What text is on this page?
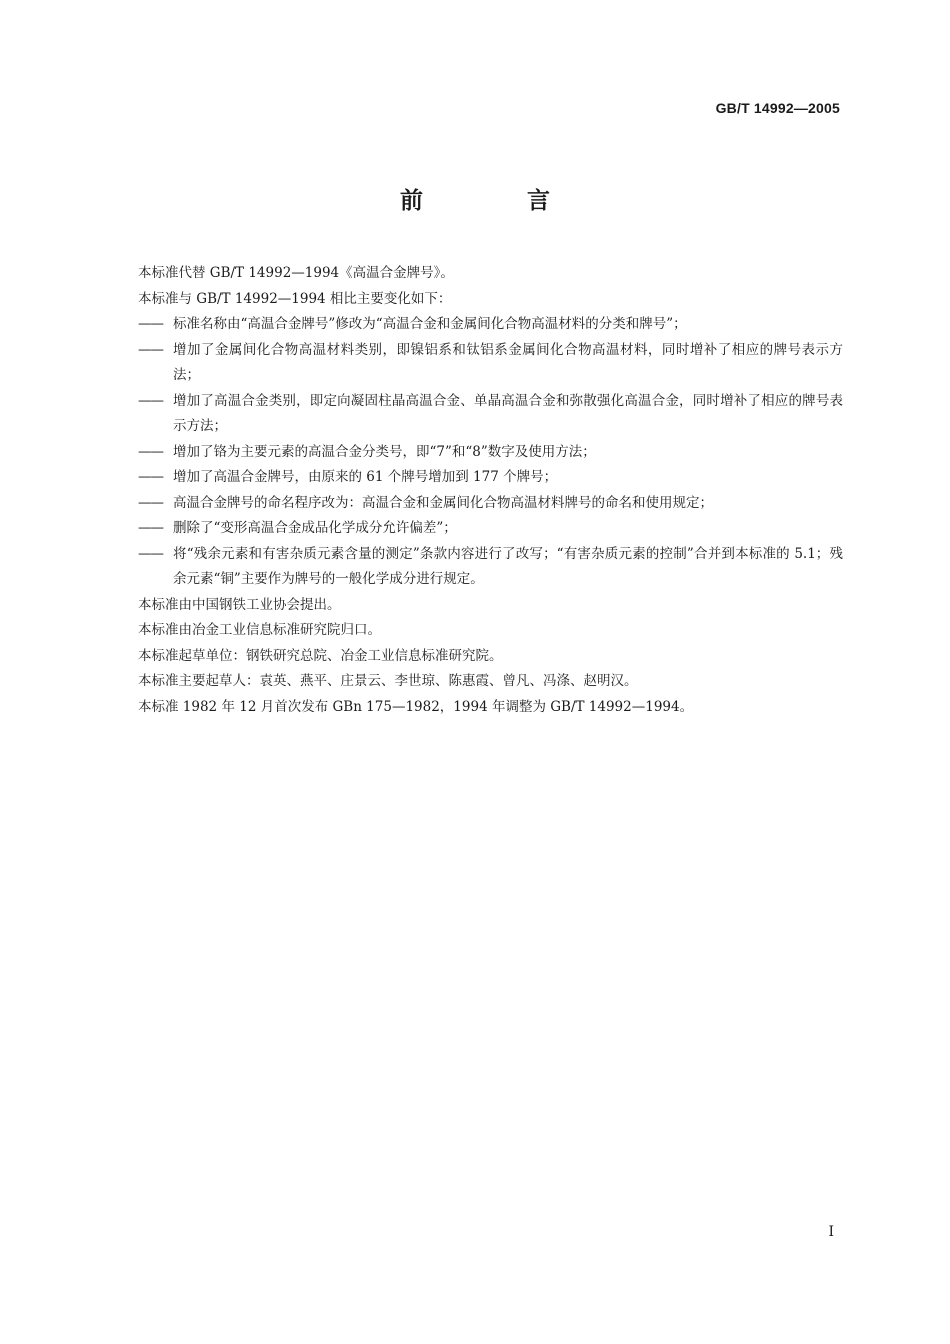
GB/T 14992—2005
前 言

本标准代替 GB/T 14992—1994《高温合金牌号》。

本标准与 GB/T 14992—1994 相比主要变化如下：

—— 标准名称由“高温合金牌号”修改为“高温合金和金属间化合物高温材料的分类和牌号”；
—— 增加了金属间化合物高温材料类别，即镍铝系和钛铝系金属间化合物高温材料，同时增补了相应的牌号表示方法；
—— 增加了高温合金类别，即定向凝固柱晶高温合金、单晶高温合金和弥散强化高温合金，同时增补了相应的牌号表示方法；
—— 增加了铬为主要元素的高温合金分类号，即“7”和“8”数字及使用方法；
—— 增加了高温合金牌号，由原来的 61 个牌号增加到 177 个牌号；
—— 高温合金牌号的命名程序改为：高温合金和金属间化合物高温材料牌号的命名和使用规定；
—— 删除了“变形高温合金成品化学成分允许偏差”；
—— 将“残余元素和有害杂质元素含量的测定”条款内容进行了改写；“有害杂质元素的控制”合并到本标准的 5.1；残余元素“铜”主要作为牌号的一般化学成分进行规定。

本标准由中国钢铁工业协会提出。

本标准由冶金工业信息标准研究院归口。

本标准起草单位：钢铁研究总院、冶金工业信息标准研究院。

本标准主要起草人：袁英、燕平、庄景云、李世琼、陈惠霞、曾凡、冯涤、赵明汉。

本标准 1982 年 12 月首次发布 GBn 175—1982，1994 年调整为 GB/T 14992—1994。

I
